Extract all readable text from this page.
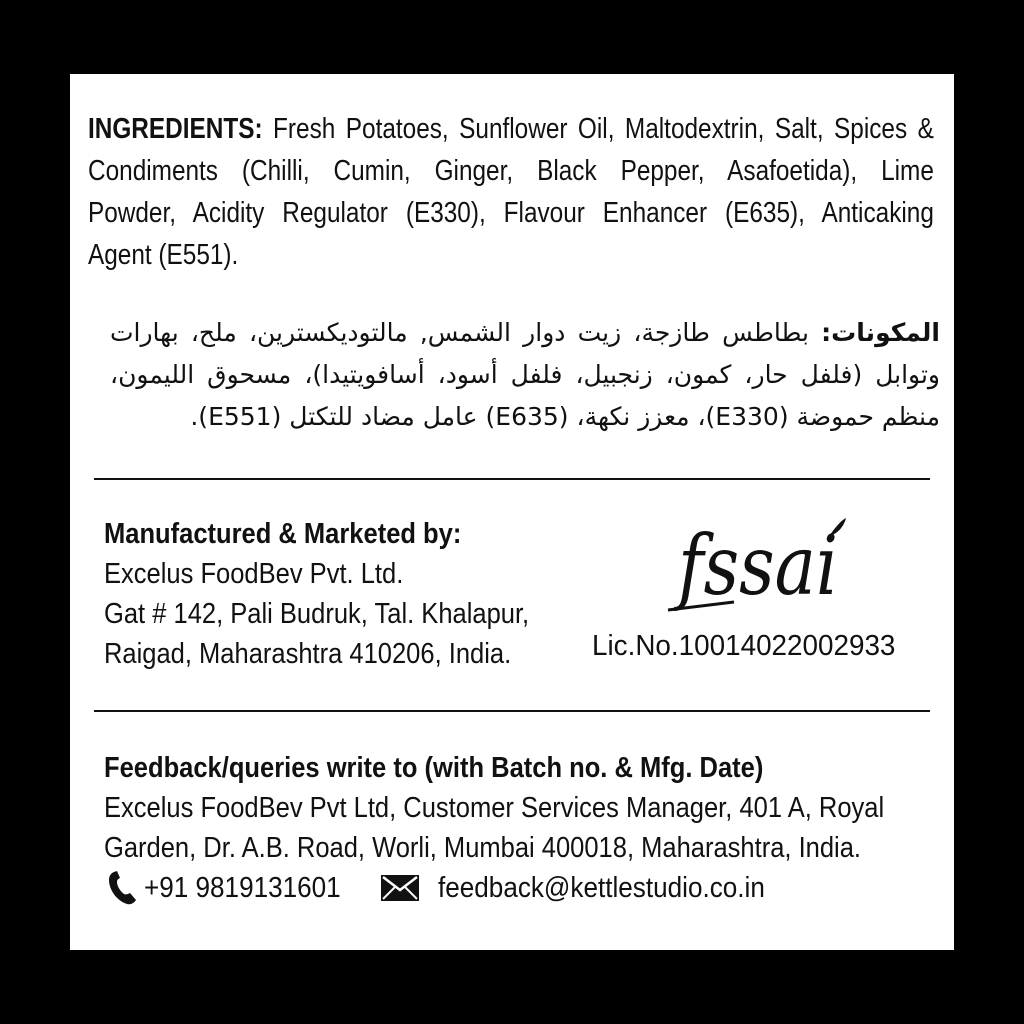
INGREDIENTS: Fresh Potatoes, Sunflower Oil, Maltodextrin, Salt, Spices &
Condiments (Chilli, Cumin, Ginger, Black Pepper, Asafoetida), Lime
Powder, Acidity Regulator (E330), Flavour Enhancer (E635), Anticaking
Agent (E551).
المكونات: بطاطس طازجة، زيت دوار الشمس, مالتوديكسترين، ملح، بهارات وتوابل (فلفل حار، كمون، زنجبيل، فلفل أسود، أسافويتيدا)، مسحوق الليمون، منظم حموضة (E330)، معزز نكهة، (E635) عامل مضاد للتكتل (E551).
Manufactured & Marketed by:
Excelus FoodBev Pvt. Ltd.
Gat # 142, Pali Budruk, Tal. Khalapur,
Raigad, Maharashtra 410206, India.
fssai
Lic.No.10014022002933
Feedback/queries write to (with Batch no. & Mfg. Date)
Excelus FoodBev Pvt Ltd, Customer Services Manager, 401 A, Royal
Garden, Dr. A.B. Road, Worli, Mumbai 400018, Maharashtra, India.
+91 9819131601	feedback@kettlestudio.co.in
